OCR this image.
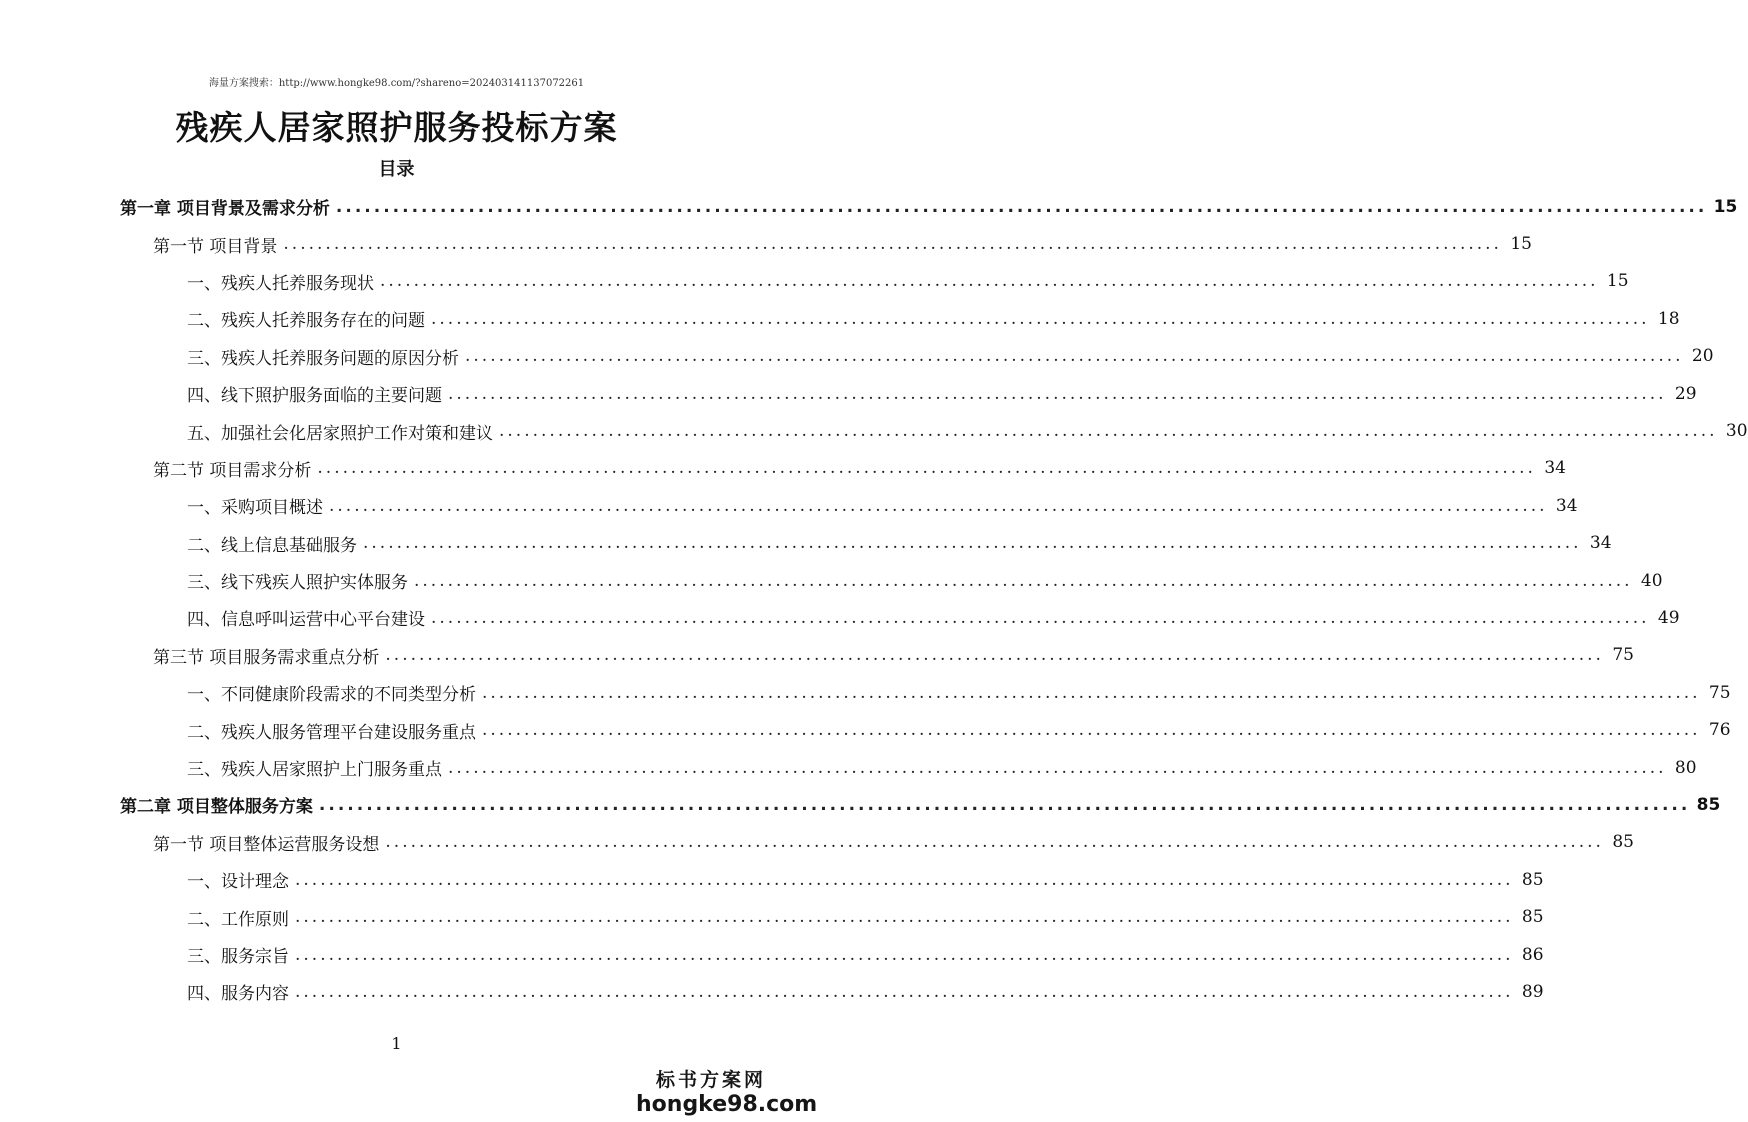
海量方案搜索：http://www.hongke98.com/?shareno=202403141137072261
残疾人居家照护服务投标方案
目录
第一章 项目背景及需求分析 .....	15
第一节 项目背景 .....	15
一、残疾人托养服务现状 .....	15
二、残疾人托养服务存在的问题 .....	18
三、残疾人托养服务问题的原因分析 .....	20
四、线下照护服务面临的主要问题 .....	29
五、加强社会化居家照护工作对策和建议 .....	30
第二节 项目需求分析 .....	34
一、采购项目概述 .....	34
二、线上信息基础服务 .....	34
三、线下残疾人照护实体服务 .....	40
四、信息呼叫运营中心平台建设 .....	49
第三节 项目服务需求重点分析 .....	75
一、不同健康阶段需求的不同类型分析 .....	75
二、残疾人服务管理平台建设服务重点 .....	76
三、残疾人居家照护上门服务重点 .....	80
第二章 项目整体服务方案 .....	85
第一节 项目整体运营服务设想 .....	85
一、设计理念 .....	85
二、工作原则 .....	85
三、服务宗旨 .....	86
四、服务内容 .....	89
1
标书方案网
hongke98.com
